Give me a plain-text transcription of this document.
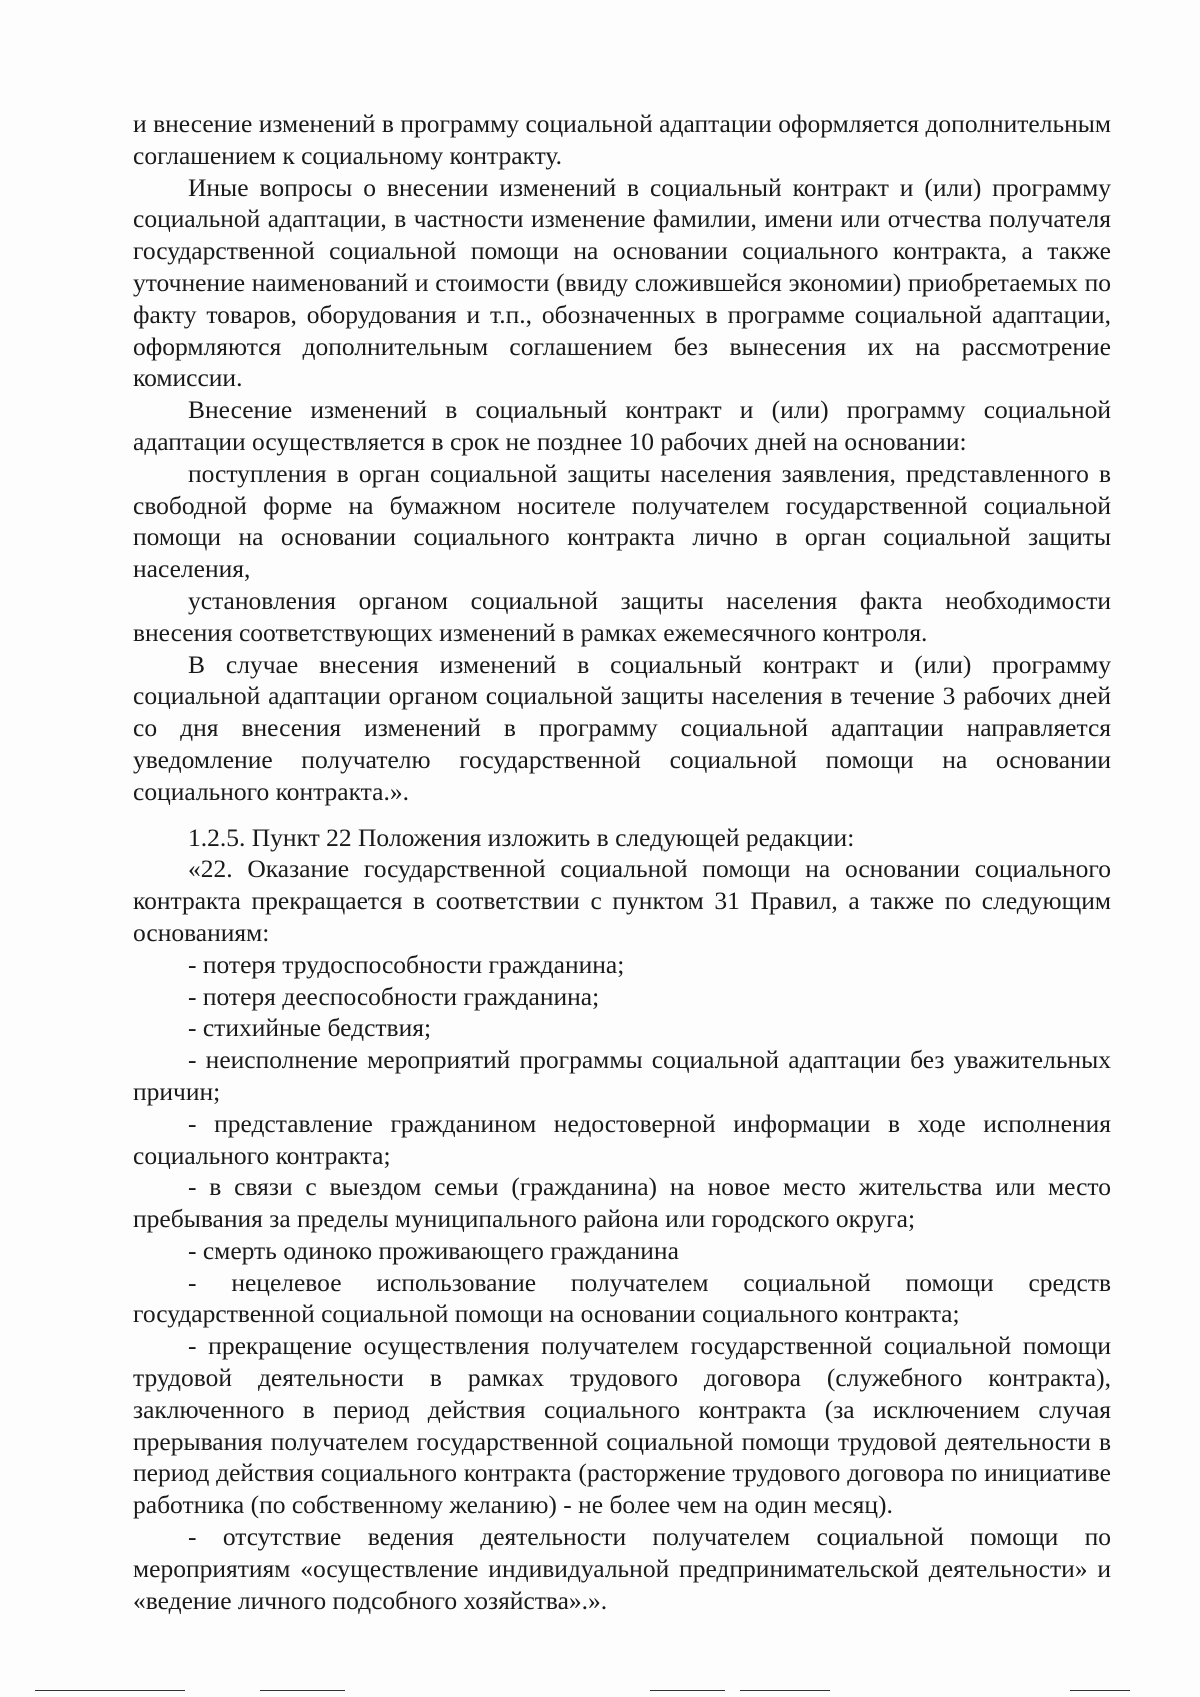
и внесение изменений в программу социальной адаптации оформляется дополнительным соглашением к социальному контракту.

Иные вопросы о внесении изменений в социальный контракт и (или) программу социальной адаптации, в частности изменение фамилии, имени или отчества получателя государственной социальной помощи на основании социального контракта, а также уточнение наименований и стоимости (ввиду сложившейся экономии) приобретаемых по факту товаров, оборудования и т.п., обозначенных в программе социальной адаптации, оформляются дополнительным соглашением без вынесения их на рассмотрение комиссии.

Внесение изменений в социальный контракт и (или) программу социальной адаптации осуществляется в срок не позднее 10 рабочих дней на основании:

поступления в орган социальной защиты населения заявления, представленного в свободной форме на бумажном носителе получателем государственной социальной помощи на основании социального контракта лично в орган социальной защиты населения,

установления органом социальной защиты населения факта необходимости внесения соответствующих изменений в рамках ежемесячного контроля.

В случае внесения изменений в социальный контракт и (или) программу социальной адаптации органом социальной защиты населения в течение 3 рабочих дней со дня внесения изменений в программу социальной адаптации направляется уведомление получателю государственной социальной помощи на основании социального контракта.».

1.2.5. Пункт 22 Положения изложить в следующей редакции:

«22. Оказание государственной социальной помощи на основании социального контракта прекращается в соответствии с пунктом 31 Правил, а также по следующим основаниям:

- потеря трудоспособности гражданина;

- потеря дееспособности гражданина;

- стихийные бедствия;

- неисполнение мероприятий программы социальной адаптации без уважительных причин;

- представление гражданином недостоверной информации в ходе исполнения социального контракта;

- в связи с выездом семьи (гражданина) на новое место жительства или место пребывания за пределы муниципального района или городского округа;

- смерть одиноко проживающего гражданина

- нецелевое использование получателем социальной помощи средств государственной социальной помощи на основании социального контракта;

- прекращение осуществления получателем государственной социальной помощи трудовой деятельности в рамках трудового договора (служебного контракта), заключенного в период действия социального контракта (за исключением случая прерывания получателем государственной социальной помощи трудовой деятельности в период действия социального контракта (расторжение трудового договора по инициативе работника (по собственному желанию) - не более чем на один месяц).

- отсутствие ведения деятельности получателем социальной помощи по мероприятиям «осуществление индивидуальной предпринимательской деятельности» и «ведение личного подсобного хозяйства».».
